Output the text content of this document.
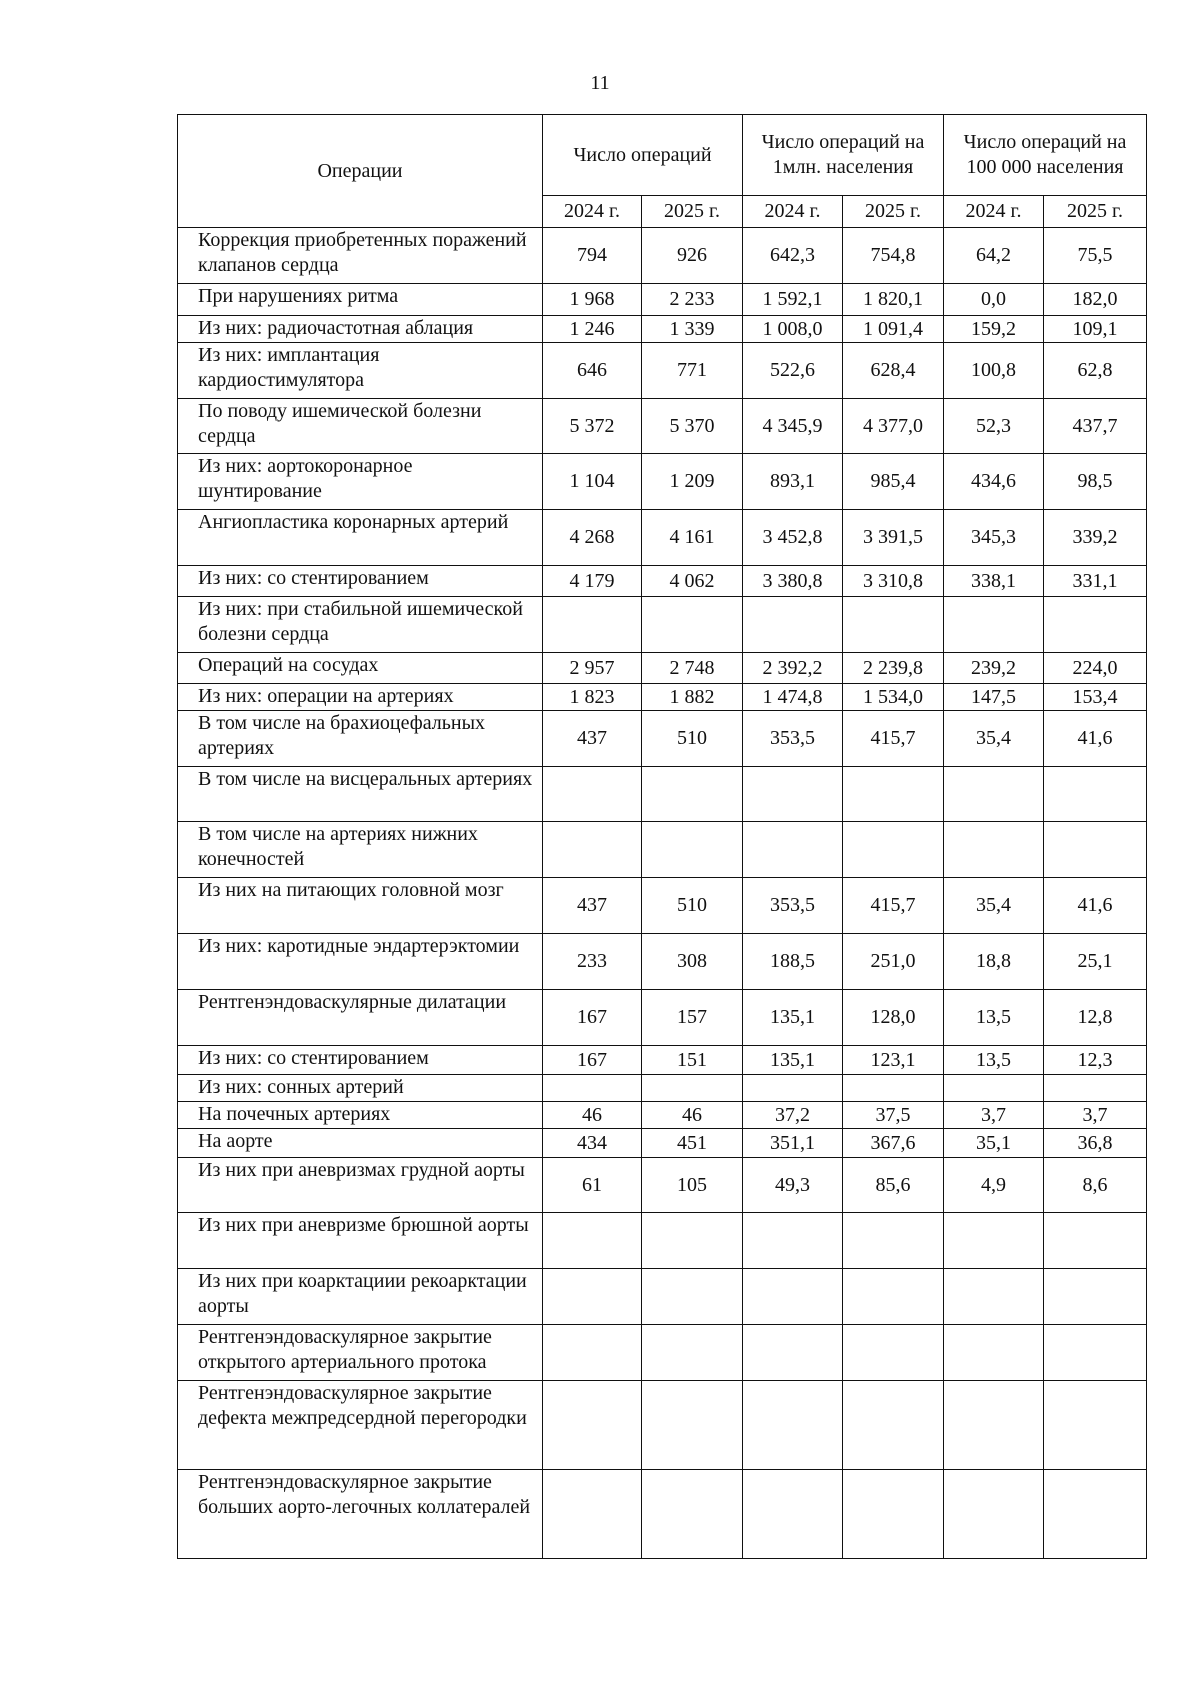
11
Операции	Число операций		Число операций на 1млн. населения		Число операций на 100 000 населения	

	2024 г.	2025 г.	2024 г.	2025 г.	2024 г.	2025 г.
Коррекция приобретенных поражений клапанов сердца	794	926	642,3	754,8	64,2	75,5
При нарушениях ритма	1 968	2 233	1 592,1	1 820,1	0,0	182,0
Из них: радиочастотная аблация	1 246	1 339	1 008,0	1 091,4	159,2	109,1
Из них: имплантация кардиостимулятора	646	771	522,6	628,4	100,8	62,8
По поводу ишемической болезни сердца	5 372	5 370	4 345,9	4 377,0	52,3	437,7
Из них: аортокоронарное шунтирование	1 104	1 209	893,1	985,4	434,6	98,5
Ангиопластика коронарных артерий	4 268	4 161	3 452,8	3 391,5	345,3	339,2
Из них: со стентированием	4 179	4 062	3 380,8	3 310,8	338,1	331,1
Из них: при стабильной ишемической болезни сердца						
Операций на сосудах	2 957	2 748	2 392,2	2 239,8	239,2	224,0
Из них: операции на артериях	1 823	1 882	1 474,8	1 534,0	147,5	153,4
В том числе на брахиоцефальных артериях	437	510	353,5	415,7	35,4	41,6
В том числе на висцеральных артериях						
В том числе на артериях нижних конечностей						
Из них на питающих головной мозг	437	510	353,5	415,7	35,4	41,6
Из них: каротидные эндартерэктомии	233	308	188,5	251,0	18,8	25,1
Рентгенэндоваскулярные дилатации	167	157	135,1	128,0	13,5	12,8
Из них: со стентированием	167	151	135,1	123,1	13,5	12,3
Из них: сонных артерий						
На почечных артериях	46	46	37,2	37,5	3,7	3,7
На аорте	434	451	351,1	367,6	35,1	36,8
Из них при аневризмах грудной аорты	61	105	49,3	85,6	4,9	8,6
Из них при аневризме брюшной аорты						
Из них при коарктациии рекоарктации аорты						
Рентгенэндоваскулярное закрытие открытого артериального протока						
Рентгенэндоваскулярное закрытие дефекта межпредсердной перегородки						
Рентгенэндоваскулярное закрытие больших аорто-легочных коллатералей						
